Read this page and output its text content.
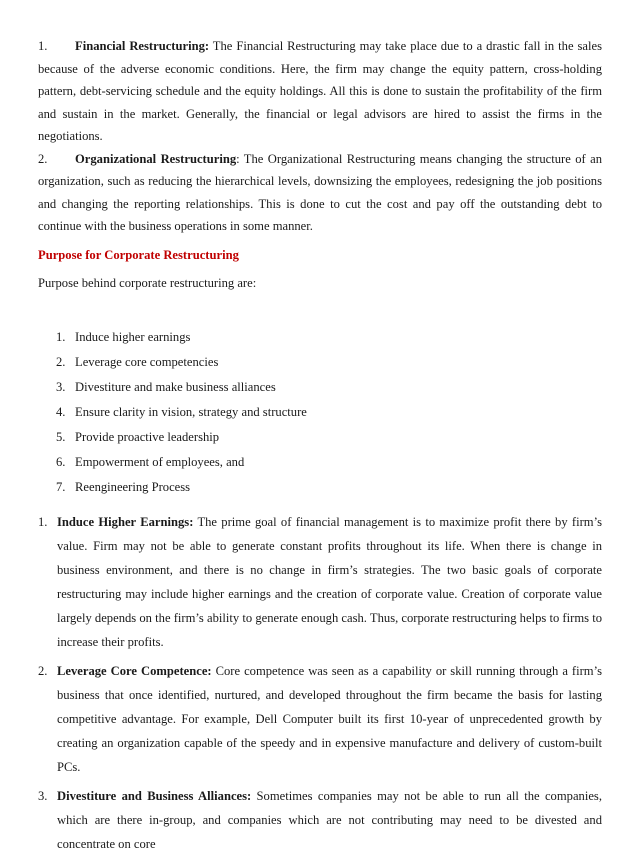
1. Financial Restructuring: The Financial Restructuring may take place due to a drastic fall in the sales because of the adverse economic conditions. Here, the firm may change the equity pattern, cross-holding pattern, debt-servicing schedule and the equity holdings. All this is done to sustain the profitability of the firm and sustain in the market. Generally, the financial or legal advisors are hired to assist the firms in the negotiations.

2. Organizational Restructuring: The Organizational Restructuring means changing the structure of an organization, such as reducing the hierarchical levels, downsizing the employees, redesigning the job positions and changing the reporting relationships. This is done to cut the cost and pay off the outstanding debt to continue with the business operations in some manner.

Purpose for Corporate Restructuring
Purpose behind corporate restructuring are:
1. Induce higher earnings
2. Leverage core competencies
3. Divestiture and make business alliances
4. Ensure clarity in vision, strategy and structure
5. Provide proactive leadership
6. Empowerment of employees, and
7. Reengineering Process
1. Induce Higher Earnings: The prime goal of financial management is to maximize profit there by firm’s value. Firm may not be able to generate constant profits throughout its life. When there is change in business environment, and there is no change in firm’s strategies. The two basic goals of corporate restructuring may include higher earnings and the creation of corporate value. Creation of corporate value largely depends on the firm’s ability to generate enough cash. Thus, corporate restructuring helps to firms to increase their profits.
2. Leverage Core Competence: Core competence was seen as a capability or skill running through a firm’s business that once identified, nurtured, and developed throughout the firm became the basis for lasting competitive advantage. For example, Dell Computer built its first 10-year of unprecedented growth by creating an organization capable of the speedy and in expensive manufacture and delivery of custom-built PCs.
3. Divestiture and Business Alliances: Sometimes companies may not be able to run all the companies, which are there in-group, and companies which are not contributing may need to be divested and concentrate on core
